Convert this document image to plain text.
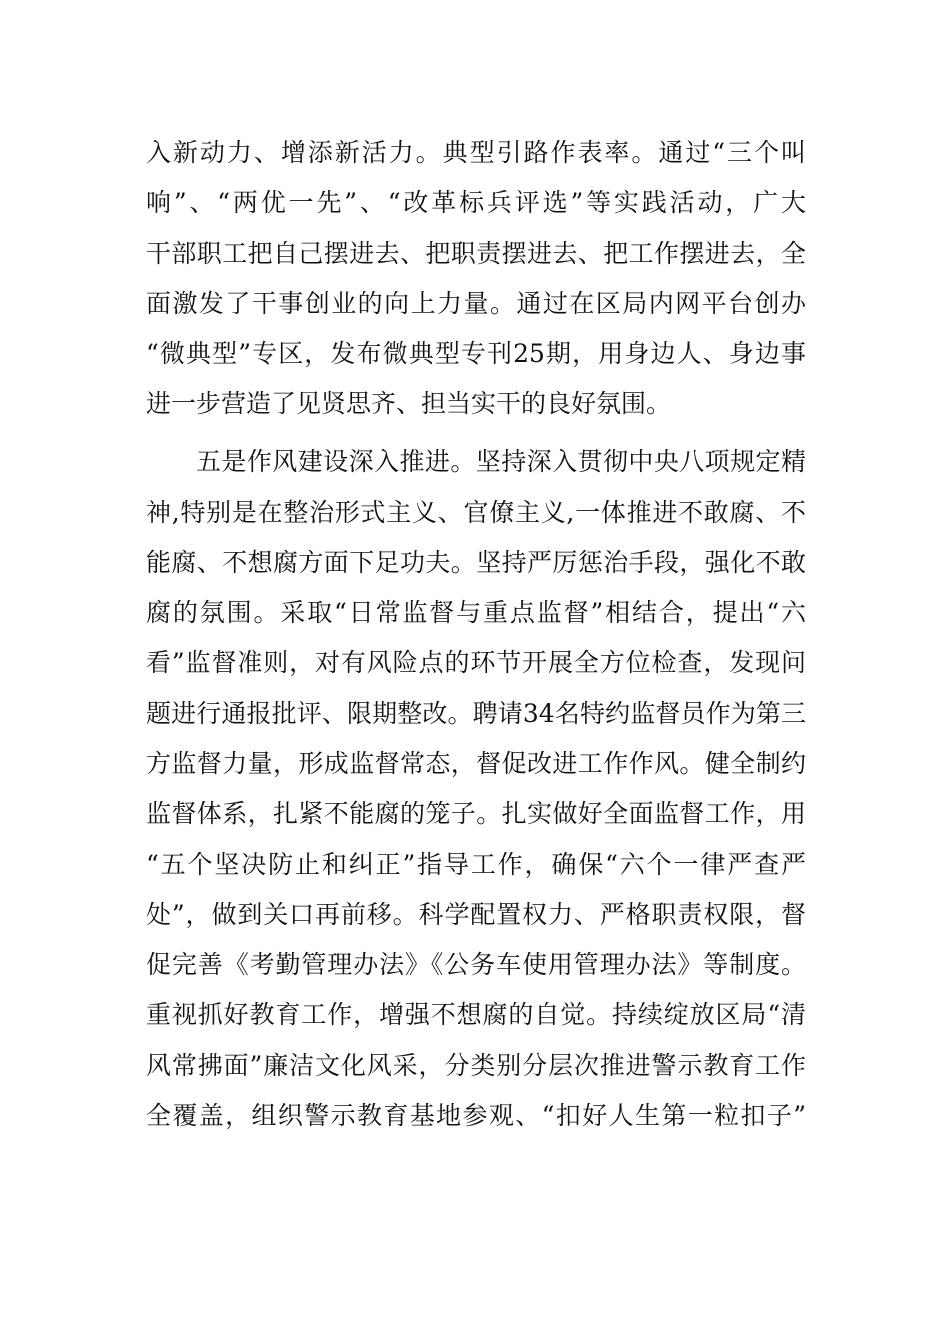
入新动力、增添新活力。典型引路作表率。通过“三个叫
响”、“两优一先”、“改革标兵评选”等实践活动，广大
干部职工把自己摆进去、把职责摆进去、把工作摆进去，全
面激发了干事创业的向上力量。通过在区局内网平台创办
“微典型”专区，发布微典型专刊25期，用身边人、身边事
进一步营造了见贤思齐、担当实干的良好氛围。
五是作风建设深入推进。坚持深入贯彻中央八项规定精
神,特别是在整治形式主义、官僚主义,一体推进不敢腐、不
能腐、不想腐方面下足功夫。坚持严厉惩治手段，强化不敢
腐的氛围。采取“日常监督与重点监督”相结合，提出“六
看”监督准则，对有风险点的环节开展全方位检查，发现问
题进行通报批评、限期整改。聘请34名特约监督员作为第三
方监督力量，形成监督常态，督促改进工作作风。健全制约
监督体系，扎紧不能腐的笼子。扎实做好全面监督工作，用
“五个坚决防止和纠正”指导工作，确保“六个一律严查严
处”，做到关口再前移。科学配置权力、严格职责权限，督
促完善《考勤管理办法》《公务车使用管理办法》等制度。
重视抓好教育工作，增强不想腐的自觉。持续绽放区局“清
风常拂面”廉洁文化风采，分类别分层次推进警示教育工作
全覆盖，组织警示教育基地参观、“扣好人生第一粒扣子”
